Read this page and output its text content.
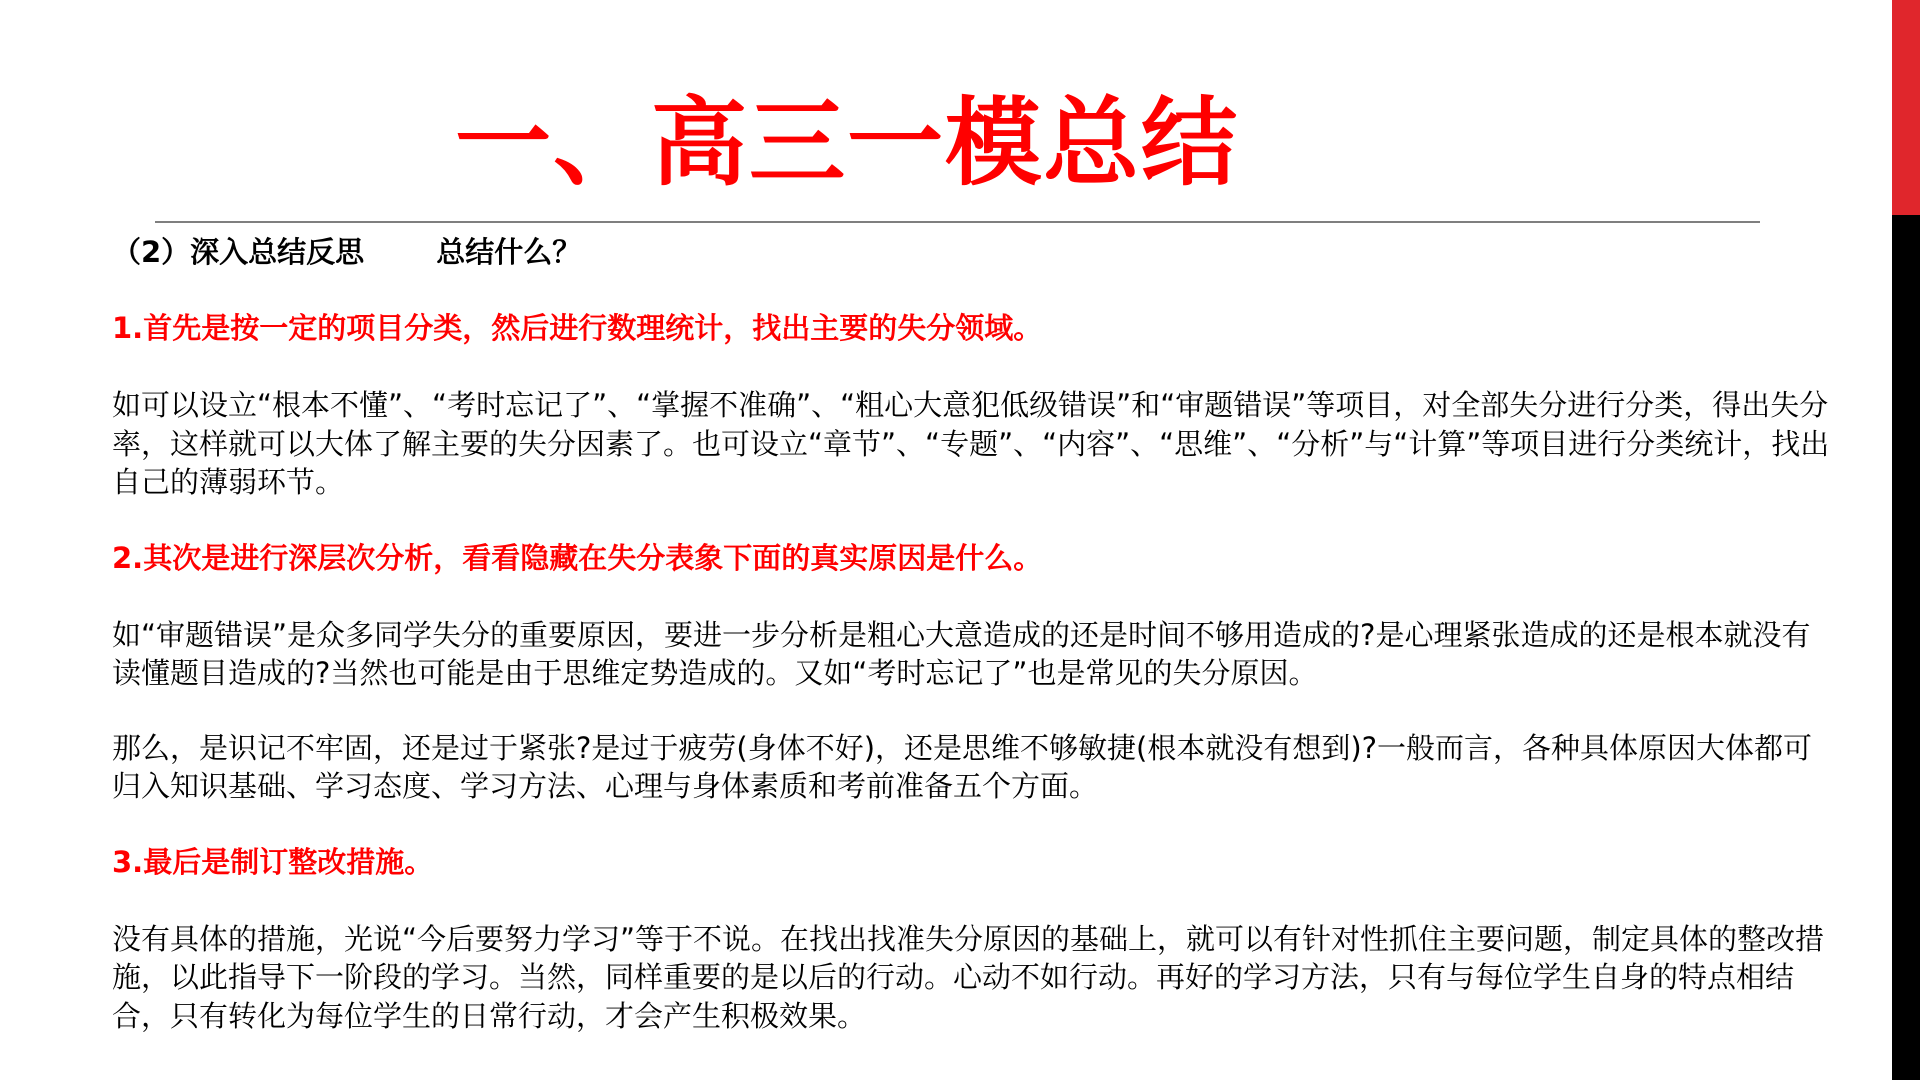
一、高三一模总结

（2）深入总结反思 总结什么？

1.首先是按一定的项目分类，然后进行数理统计，找出主要的失分领域。

如可以设立“根本不懂”、“考时忘记了”、“掌握不准确”、“粗心大意犯低级错误”和“审题错误”等项目，对全部失分进行分类，得出失分率，这样就可以大体了解主要的失分因素了。也可设立“章节”、“专题”、“内容”、“思维”、“分析”与“计算”等项目进行分类统计，找出自己的薄弱环节。

2.其次是进行深层次分析，看看隐藏在失分表象下面的真实原因是什么。

如“审题错误”是众多同学失分的重要原因，要进一步分析是粗心大意造成的还是时间不够用造成的?是心理紧张造成的还是根本就没有读懂题目造成的?当然也可能是由于思维定势造成的。又如“考时忘记了”也是常见的失分原因。

那么，是识记不牢固，还是过于紧张?是过于疲劳(身体不好)，还是思维不够敏捷(根本就没有想到)?一般而言，各种具体原因大体都可归入知识基础、学习态度、学习方法、心理与身体素质和考前准备五个方面。

3.最后是制订整改措施。

没有具体的措施，光说“今后要努力学习”等于不说。在找出找准失分原因的基础上，就可以有针对性抓住主要问题，制定具体的整改措施，以此指导下一阶段的学习。当然，同样重要的是以后的行动。心动不如行动。再好的学习方法，只有与每位学生自身的特点相结合，只有转化为每位学生的日常行动，才会产生积极效果。
